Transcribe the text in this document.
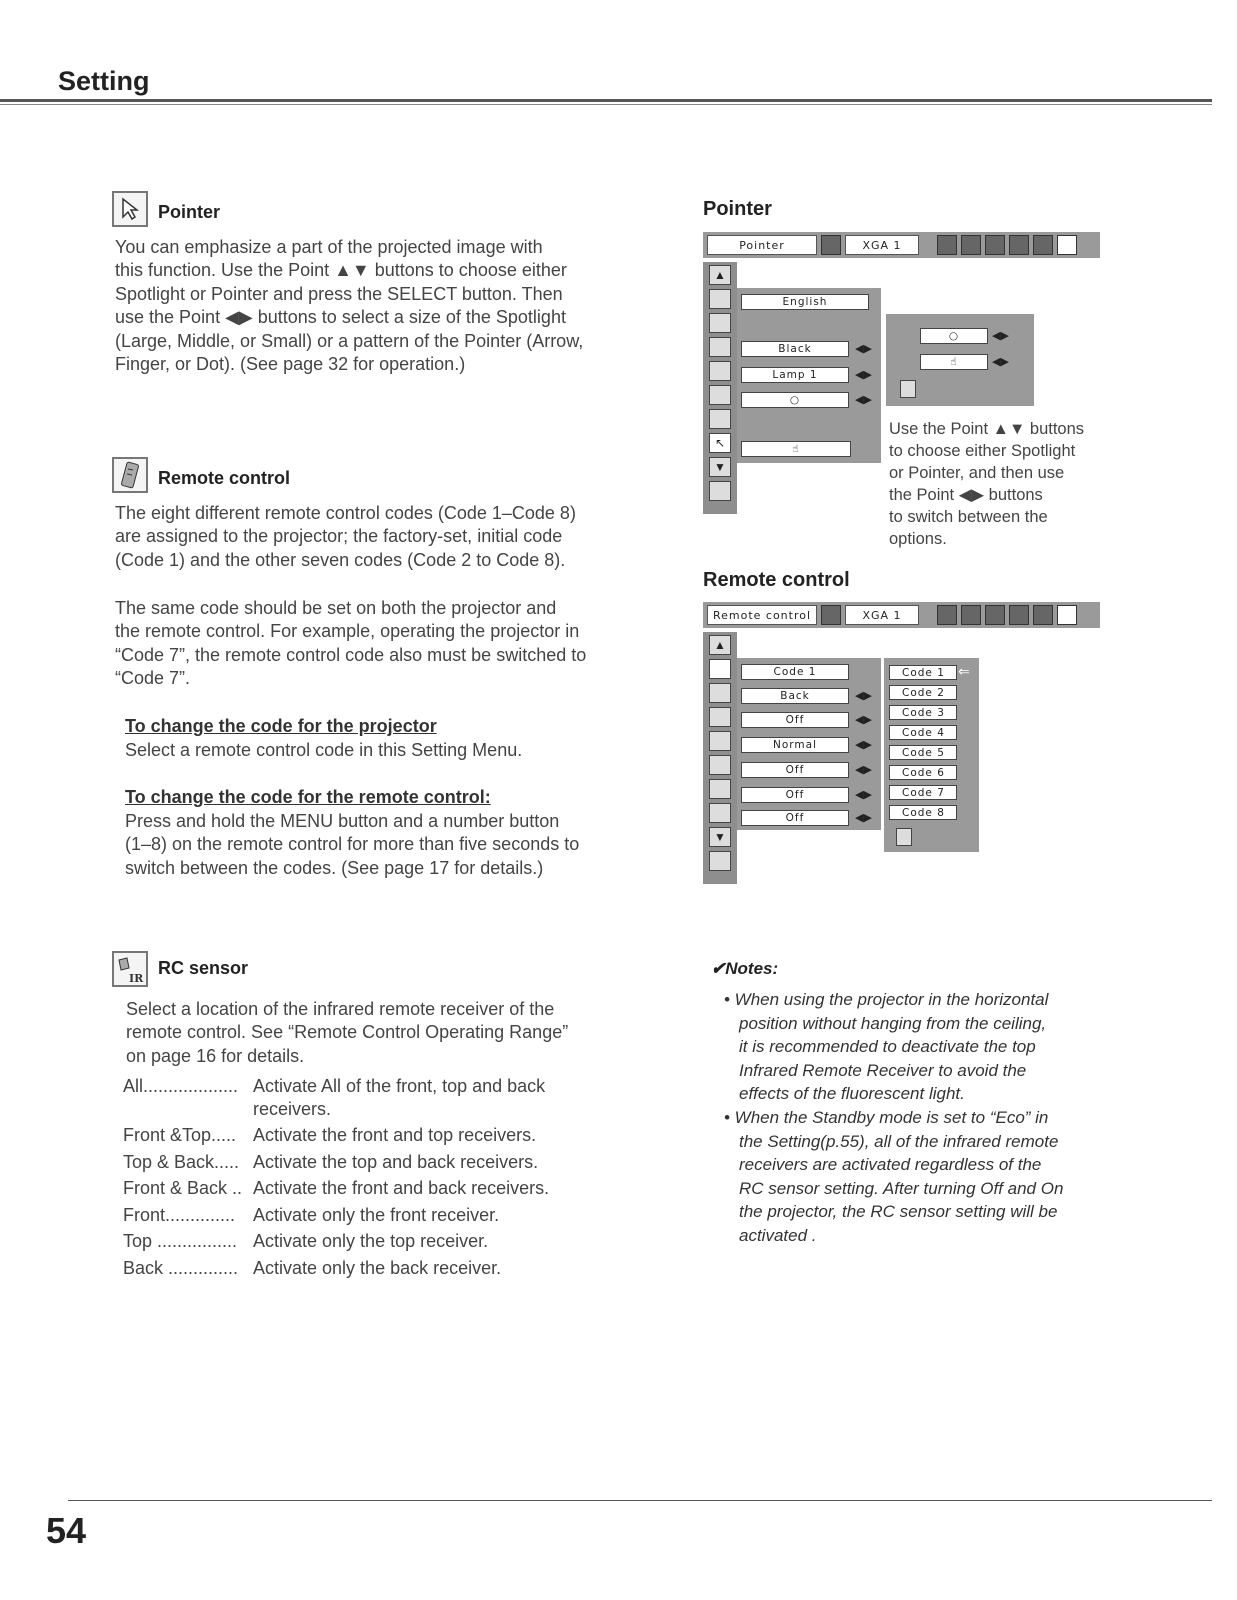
Setting
Pointer
You can emphasize a part of the projected image with
this function. Use the Point ▲▼ buttons to choose either
Spotlight or Pointer and press the SELECT button. Then
use the Point ◀▶ buttons to select a size of the Spotlight
(Large, Middle, or Small) or a pattern of the Pointer (Arrow,
Finger, or Dot). (See page 32 for operation.)
Remote control
The eight different remote control codes (Code 1–Code 8)
are assigned to the projector; the factory-set, initial code
(Code 1) and the other seven codes (Code 2 to Code 8).
The same code should be set on both the projector and
the remote control. For example, operating the projector in
“Code 7”, the remote control code also must be switched to
“Code 7”.
To change the code for the projector
Select a remote control code in this Setting Menu.
To change the code for the remote control:
Press and hold the MENU button and a number button
(1–8) on the remote control for more than five seconds to
switch between the codes. (See page 17 for details.)
IR
RC sensor
Select a location of the infrared remote receiver of the
remote control. See “Remote Control Operating Range”
on page 16 for details.
All................... Activate All of the front, top and back
receivers.
Front &Top..... Activate the front and top receivers.
Top & Back..... Activate the top and back receivers.
Front & Back .. Activate the front and back receivers.
Front.............. Activate only the front receiver.
Top ................ Activate only the top receiver.
Back .............. Activate only the back receiver.
Pointer
Pointer	XGA 1
▲
↖
▼
English
Black	◀▶
Lamp 1	◀▶
○	◀▶
☝
○	◀▶
☝	◀▶
Use the Point ▲▼ buttons
to choose either Spotlight
or Pointer, and then use
the Point ◀▶ buttons
to switch between the
options.
Remote control
Remote control	XGA 1
▲
▼
Code 1
Back	◀▶
Off	◀▶
Normal	◀▶
Off	◀▶
Off	◀▶
Off	◀▶
Code 1 ⇐
Code 2
Code 3
Code 4
Code 5
Code 6
Code 7
Code 8
✔Notes:
• When using the projector in the horizontal
position without hanging from the ceiling,
it is recommended to deactivate the top
Infrared Remote Receiver to avoid the
effects of the fluorescent light.
• When the Standby mode is set to “Eco” in
the Setting(p.55), all of the infrared remote
receivers are activated regardless of the
RC sensor setting. After turning Off and On
the projector, the RC sensor setting will be
activated .
54
